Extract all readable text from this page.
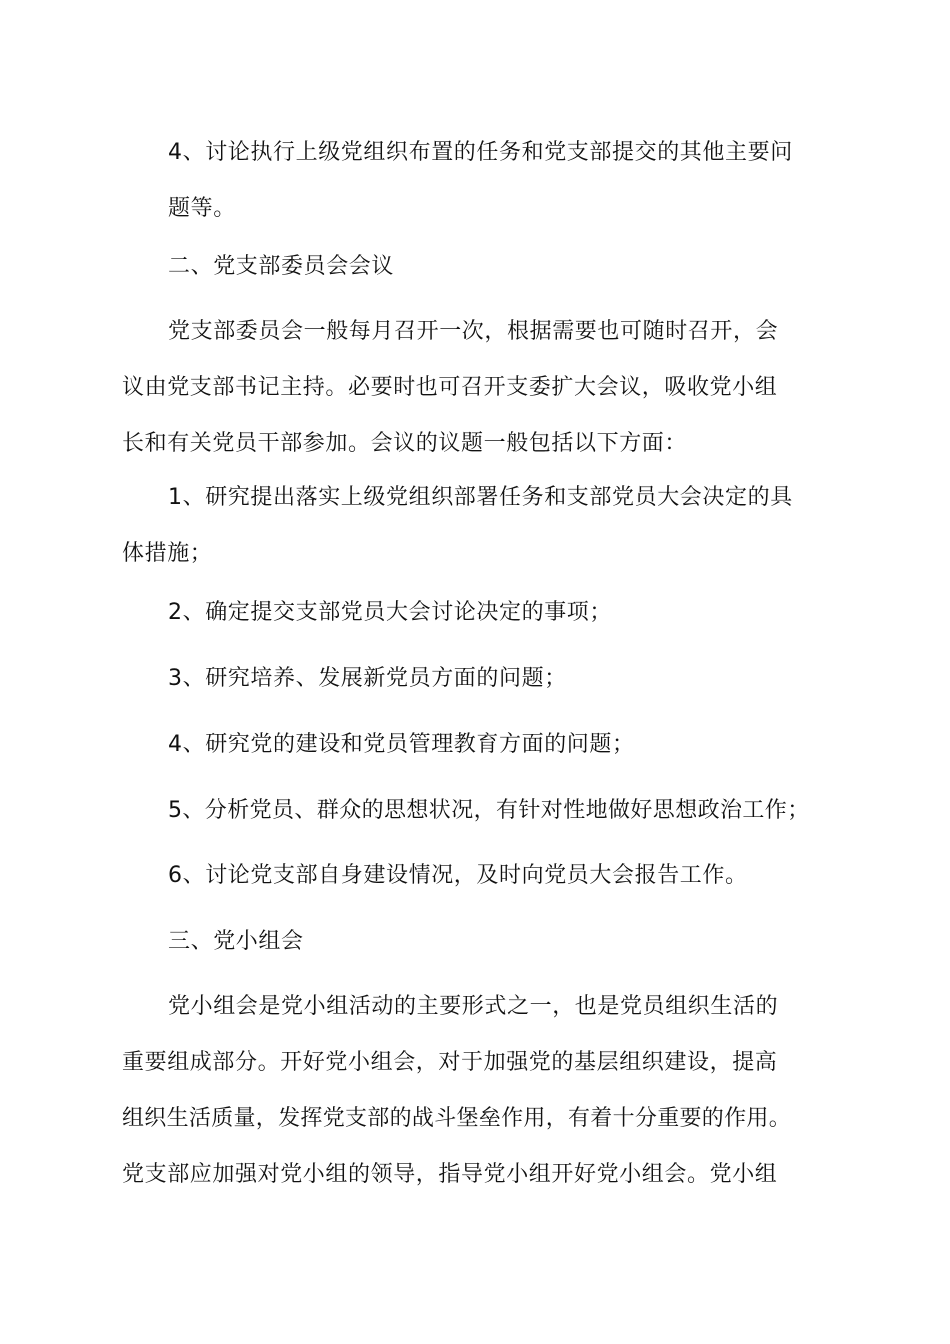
4、讨论执行上级党组织布置的任务和党支部提交的其他主要问
题等。
二、党支部委员会会议
党支部委员会一般每月召开一次，根据需要也可随时召开，会
议由党支部书记主持。必要时也可召开支委扩大会议，吸收党小组
长和有关党员干部参加。会议的议题一般包括以下方面：
1、研究提出落实上级党组织部署任务和支部党员大会决定的具
体措施；
2、确定提交支部党员大会讨论决定的事项；
3、研究培养、发展新党员方面的问题；
4、研究党的建设和党员管理教育方面的问题；
5、分析党员、群众的思想状况，有针对性地做好思想政治工作；
6、讨论党支部自身建设情况，及时向党员大会报告工作。
三、党小组会
党小组会是党小组活动的主要形式之一，也是党员组织生活的
重要组成部分。开好党小组会，对于加强党的基层组织建设，提高
组织生活质量，发挥党支部的战斗堡垒作用，有着十分重要的作用。
党支部应加强对党小组的领导，指导党小组开好党小组会。党小组
